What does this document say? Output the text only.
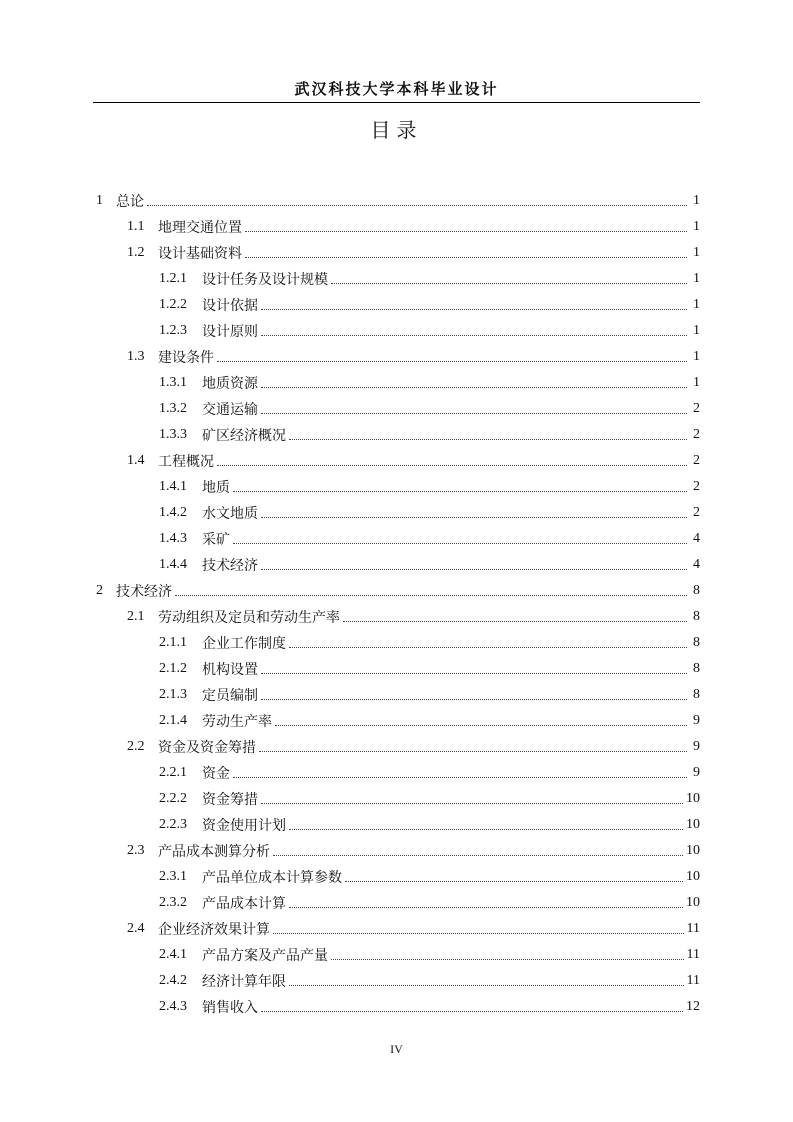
武汉科技大学本科毕业设计
目录
1 总论	1
1.1 地理交通位置	1
1.2 设计基础资料	1
1.2.1	设计任务及设计规模	1
1.2.2	设计依据	1
1.2.3	设计原则	1
1.3 建设条件	1
1.3.1	地质资源	1
1.3.2	交通运输	2
1.3.3	矿区经济概况	2
1.4 工程概况	2
1.4.1	地质	2
1.4.2	水文地质	2
1.4.3	采矿	4
1.4.4	技术经济	4
2 技术经济	8
2.1 劳动组织及定员和劳动生产率	8
2.1.1	企业工作制度	8
2.1.2	机构设置	8
2.1.3	定员编制	8
2.1.4	劳动生产率	9
2.2 资金及资金筹措	9
2.2.1	资金	9
2.2.2	资金筹措	10
2.2.3	资金使用计划	10
2.3 产品成本测算分析	10
2.3.1	产品单位成本计算参数	10
2.3.2	产品成本计算	10
2.4 企业经济效果计算	11
2.4.1	产品方案及产品产量	11
2.4.2	经济计算年限	11
2.4.3	销售收入	12
IV
